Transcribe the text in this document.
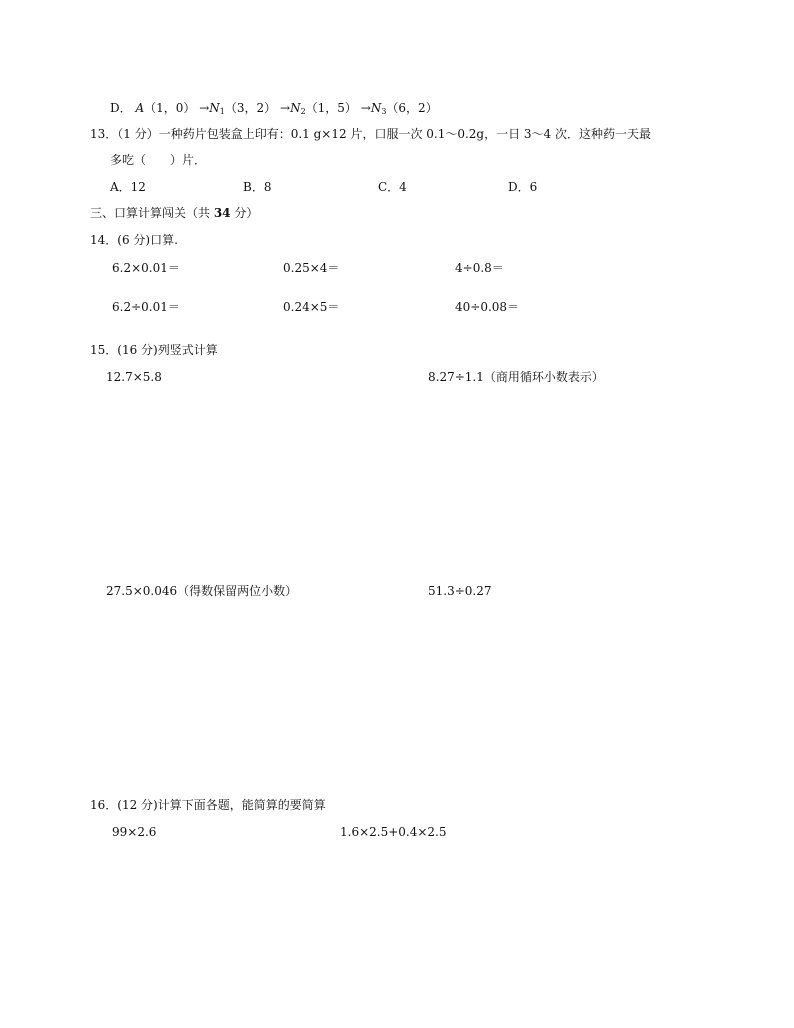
D． A（1，$0) \to N_1(3$，$2) \to N_2(1$，$5) \to N_3(6$，2）
13．（1 分）一种药片包装盒上印有：0.1 g×12 片，口服一次 0.1～0.2g，一日 3～4 次．这种药一天最
多吃（　　）片．
A．12	B．8	C．4	D．6
三、口算计算闯关（共 34 分）
14．(6 分)口算.
6.2×0.01＝	0.25×4＝	4÷0.8＝
6.2÷0.01＝	0.24×5＝	40÷0.08＝
15．(16 分)列竖式计算
12.7×5.8	8.27÷1.1（商用循环小数表示）
27.5×0.046（得数保留两位小数）	51.3÷0.27
16．(12 分)计算下面各题，能简算的要简算
99×2.6	1.6×2.5+0.4×2.5
